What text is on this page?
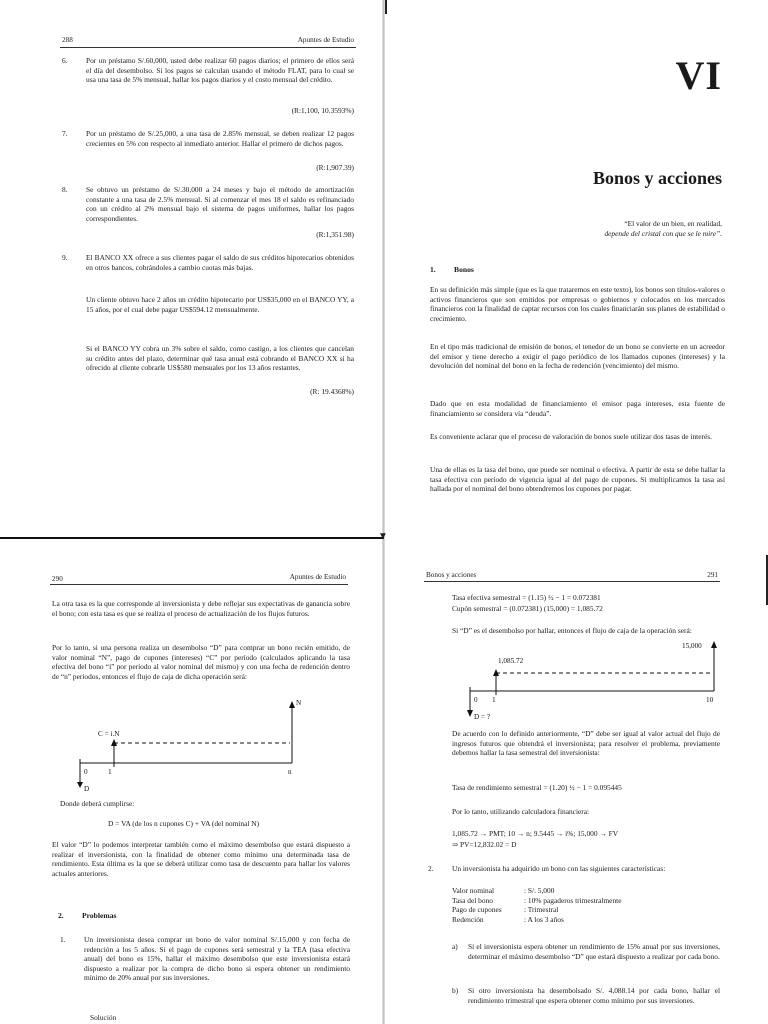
288	Apuntes de Estudio
6. Por un préstamo S/.60,000, usted debe realizar 60 pagos diarios; el primero de ellos será el día del desembolso. Si los pagos se calculan usando el método FLAT, para lo cual se usa una tasa de 5% mensual, hallar los pagos diarios y el costo mensual del crédito.
(R:1,100, 10.3593%)
7. Por un préstamo de S/.25,000, a una tasa de 2.85% mensual, se deben realizar 12 pagos crecientes en 5% con respecto al inmediato anterior. Hallar el primero de dichos pagos.
(R:1,907.39)
8. Se obtuvo un préstamo de S/.30,000 a 24 meses y bajo el método de amortización constante a una tasa de 2.5% mensual. Si al comenzar el mes 18 el saldo es refinanciado con un crédito al 2% mensual bajo el sistema de pagos uniformes, hallar los pagos correspondientes.
(R:1,351.98)
9. El BANCO XX ofrece a sus clientes pagar el saldo de sus créditos hipotecarios obtenidos en otros bancos, cobrándoles a cambio cuotas más bajas.
Un cliente obtuvo hace 2 años un crédito hipotecario por US$35,000 en el BANCO YY, a 15 años, por el cual debe pagar US$594.12 mensualmente.
Si el BANCO YY cobra un 3% sobre el saldo, como castigo, a los clientes que cancelan su crédito antes del plazo, determinar qué tasa anual está cobrando el BANCO XX si ha ofrecido al cliente cobrarle US$580 mensuales por los 13 años restantes.
(R: 19.4368%)
VI
Bonos y acciones
“El valor de un bien, en realidad,
depende del cristal con que se le mire”.
1. Bonos
En su definición más simple (que es la que trataremos en este texto), los bonos son títulos-valores o activos financieros que son emitidos por empresas o gobiernos y colocados en los mercados financieros con la finalidad de captar recursos con los cuales financiarán sus planes de estabilidad o crecimiento.
En el tipo más tradicional de emisión de bonos, el tenedor de un bono se convierte en un acreedor del emisor y tiene derecho a exigir el pago periódico de los llamados cupones (intereses) y la devolución del nominal del bono en la fecha de redención (vencimiento) del mismo.
Dado que en esta modalidad de financiamiento el emisor paga intereses, esta fuente de financiamiento se considera vía “deuda”.
Es conveniente aclarar que el proceso de valoración de bonos suele utilizar dos tasas de interés.
Una de ellas es la tasa del bono, que puede ser nominal o efectiva. A partir de esta se debe hallar la tasa efectiva con período de vigencia igual al del pago de cupones. Si multiplicamos la tasa así hallada por el nominal del bono obtendremos los cupones por pagar.
▼
290	Apuntes de Estudio
La otra tasa es la que corresponde al inversionista y debe reflejar sus expectativas de ganancia sobre el bono; con esta tasa es que se realiza el proceso de actualización de los flujos futuros.
Por lo tanto, si una persona realiza un desembolso “D” para comprar un bono recién emitido, de valor nominal “N”, pago de cupones (intereses) “C” por período (calculados aplicando la tasa efectiva del bono “i” por período al valor nominal del mismo) y con una fecha de redención dentro de “n” períodos, entonces el flujo de caja de dicha operación será:
N
C = i.N
0	1	n
D
Donde deberá cumplirse:
D = VA (de los n cupones C) + VA (del nominal N)
El valor “D” lo podemos interpretar también como el máximo desembolso que estará dispuesto a realizar el inversionista, con la finalidad de obtener como mínimo una determinada tasa de rendimiento. Esta última es la que se deberá utilizar como tasa de descuento para hallar los valores actuales anteriores.
2. Problemas
1. Un inversionista desea comprar un bono de valor nominal S/.15,000 y con fecha de redención a los 5 años. Si el pago de cupones será semestral y la TEA (tasa efectiva anual) del bono es 15%, hallar el máximo desembolso que este inversionista estará dispuesto a realizar por la compra de dicho bono si espera obtener un rendimiento mínimo de 20% anual por sus inversiones.
Solución
Bonos y acciones	291
Tasa efectiva semestral = (1.15) ½ − 1 = 0.072381
Cupón semestral = (0.072381) (15,000) = 1,085.72
Si “D” es el desembolso por hallar, entonces el flujo de caja de la operación será:
15,000
1,085.72
0 1	10
D = ?
De acuerdo con lo definido anteriormente, “D” debe ser igual al valor actual del flujo de ingresos futuros que obtendrá el inversionista; para resolver el problema, previamente debemos hallar la tasa semestral del inversionista:
Tasa de rendimiento semestral = (1.20) ½ − 1 = 0.095445
Por lo tanto, utilizando calculadora financiera:
1,085.72 → PMT; 10 → n; 9.5445 → i%; 15,000 → FV
⇒ PV=12,832.02 = D
2. Un inversionista ha adquirido un bono con las siguientes características:
Valor nominal	: S/. 5,000
Tasa del bono	: 10% pagaderos trimestralmente
Pago de cupones	: Trimestral
Redención	: A los 3 años
a) Si el inversionista espera obtener un rendimiento de 15% anual por sus inversiones, determinar el máximo desembolso “D” que estará dispuesto a realizar por cada bono.
b) Si otro inversionista ha desembolsado S/. 4,088.14 por cada bono, hallar el rendimiento trimestral que espera obtener como mínimo por sus inversiones.
